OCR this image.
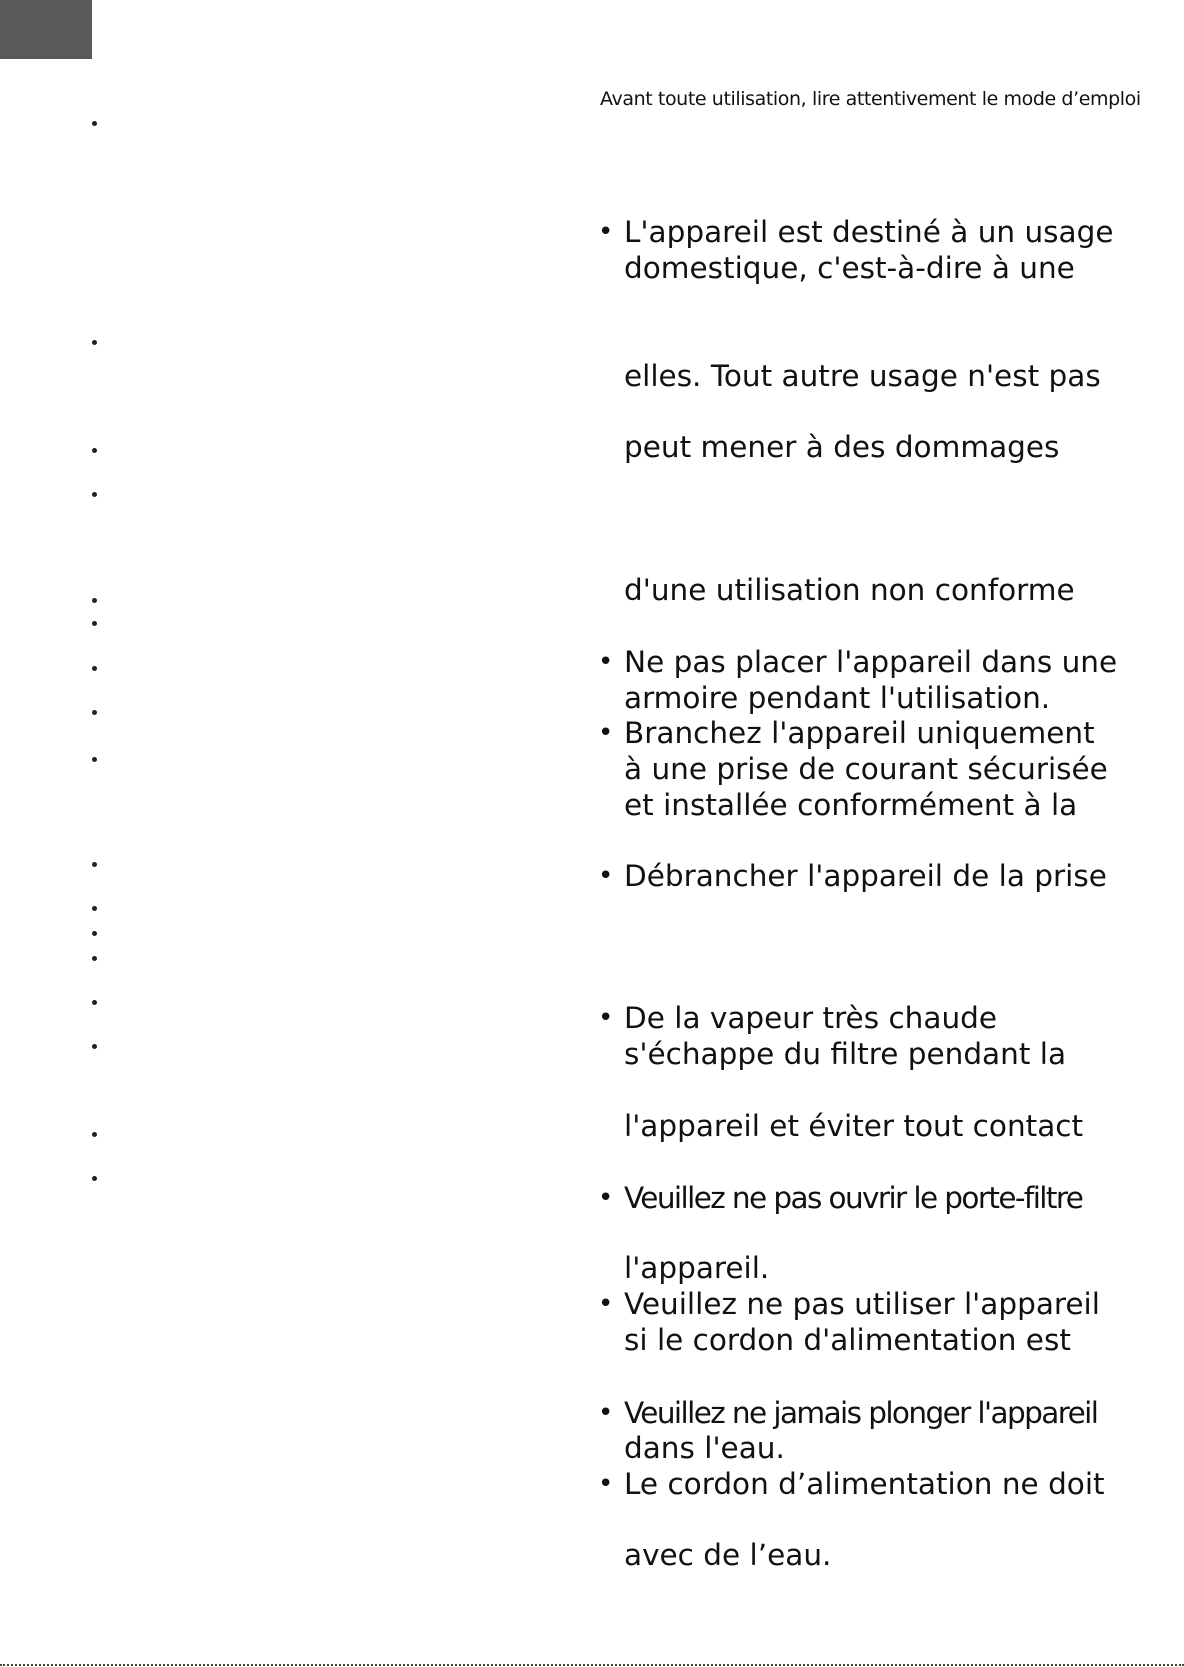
Avant toute utilisation, lire attentivement le mode d’emploi
•
•
•
•
•
•
•
•
•
L'appareil est destiné à un usage
domestique, c'est-à-dire à une
elles. Tout autre usage n'est pas
peut mener à des dommages
d'une utilisation non conforme
Ne pas placer l'appareil dans une
armoire pendant l'utilisation.
Branchez l'appareil uniquement
à une prise de courant sécurisée
et installée conformément à la
Débrancher l'appareil de la prise
De la vapeur très chaude
s'échappe du filtre pendant la
l'appareil et éviter tout contact
Veuillez ne pas ouvrir le porte-filtre
l'appareil.
Veuillez ne pas utiliser l'appareil
si le cordon d'alimentation est
Veuillez ne jamais plonger l'appareil
dans l'eau.
Le cordon d’alimentation ne doit
avec de l’eau.
